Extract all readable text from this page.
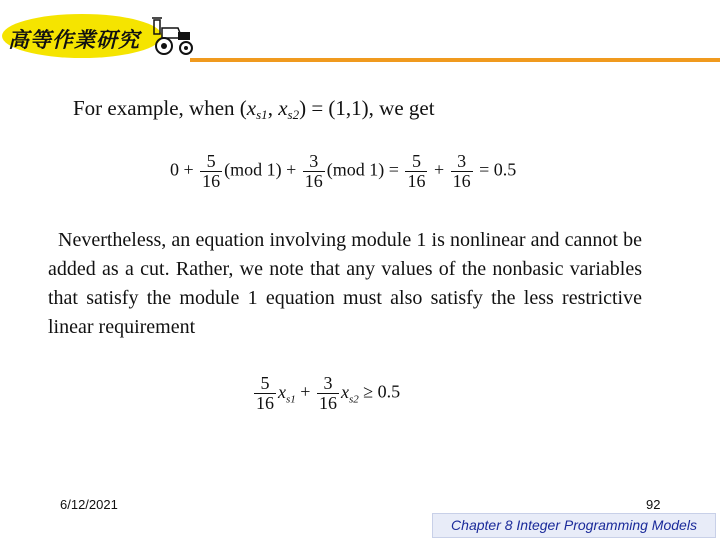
高等作業研究
For example, when ($x_{s1}$, $x_{s2}) = (1,1)$, we get
$0 + \frac{5}{16} (mod$ $1) + \frac{3}{16} (mod$ $1) = \frac{5}{16} + \frac{3}{16} = 0.5$

Nevertheless, an equation involving module 1 is nonlinear and cannot be added as a cut. Rather, we note that any values of the nonbasic variables that satisfy the module 1 equation must also satisfy the less restrictive linear requirement

$\frac{5}{16} x_{s1} + \frac{3}{16} x_{s2} \ge 0.5$
6/12/2021	92
Chapter 8 Integer Programming Models
